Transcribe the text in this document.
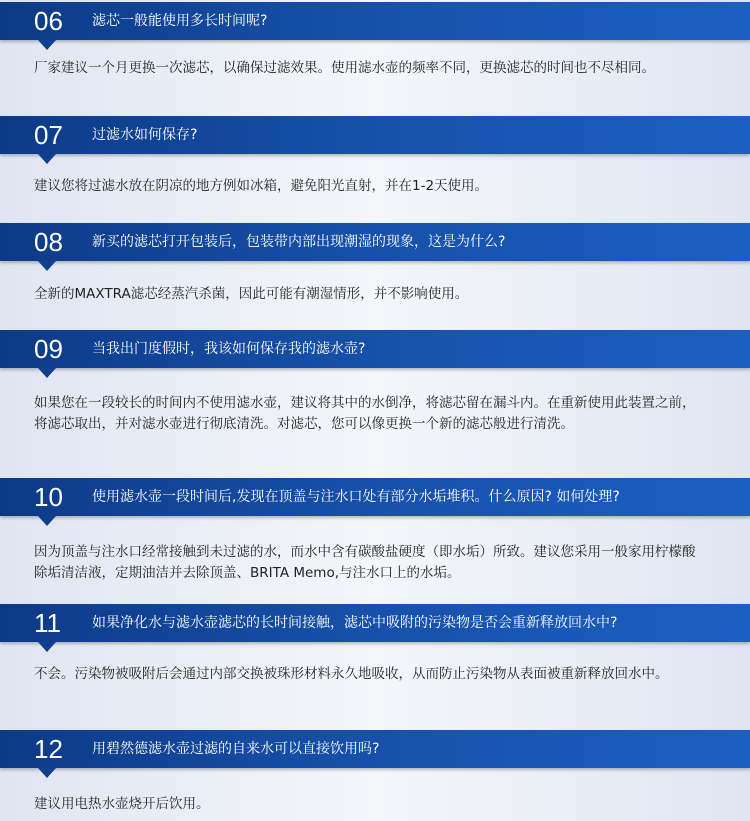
06	滤芯一般能使用多长时间呢?

厂家建议一个月更换一次滤芯，以确保过滤效果。使用滤水壶的频率不同，更换滤芯的时间也不尽相同。

07	过滤水如何保存?

建议您将过滤水放在阴凉的地方例如冰箱，避免阳光直射，并在1-2天使用。

08	新买的滤芯打开包装后，包装带内部出现潮湿的现象，这是为什么?

全新的MAXTRA滤芯经蒸汽杀菌，因此可能有潮湿情形，并不影响使用。

09	当我出门度假时，我该如何保存我的滤水壶?

如果您在一段较长的时间内不使用滤水壶，建议将其中的水倒净，将滤芯留在漏斗内。在重新使用此装置之前，将滤芯取出，并对滤水壶进行彻底清洗。对滤芯，您可以像更换一个新的滤芯般进行清洗。

10	使用滤水壶一段时间后,发现在顶盖与注水口处有部分水垢堆积。什么原因? 如何处理?

因为顶盖与注水口经常接触到未过滤的水，而水中含有碳酸盐硬度（即水垢）所致。建议您采用一般家用柠檬酸除垢清洁液，定期油洁并去除顶盖、BRITA Memo,与注水口上的水垢。

11	如果净化水与滤水壶滤芯的长时间接触，滤芯中吸附的污染物是否会重新释放回水中?

不会。污染物被吸附后会通过内部交换被珠形材料永久地吸收，从而防止污染物从表面被重新释放回水中。

12	用碧然德滤水壶过滤的自来水可以直接饮用吗?

建议用电热水壶烧开后饮用。
